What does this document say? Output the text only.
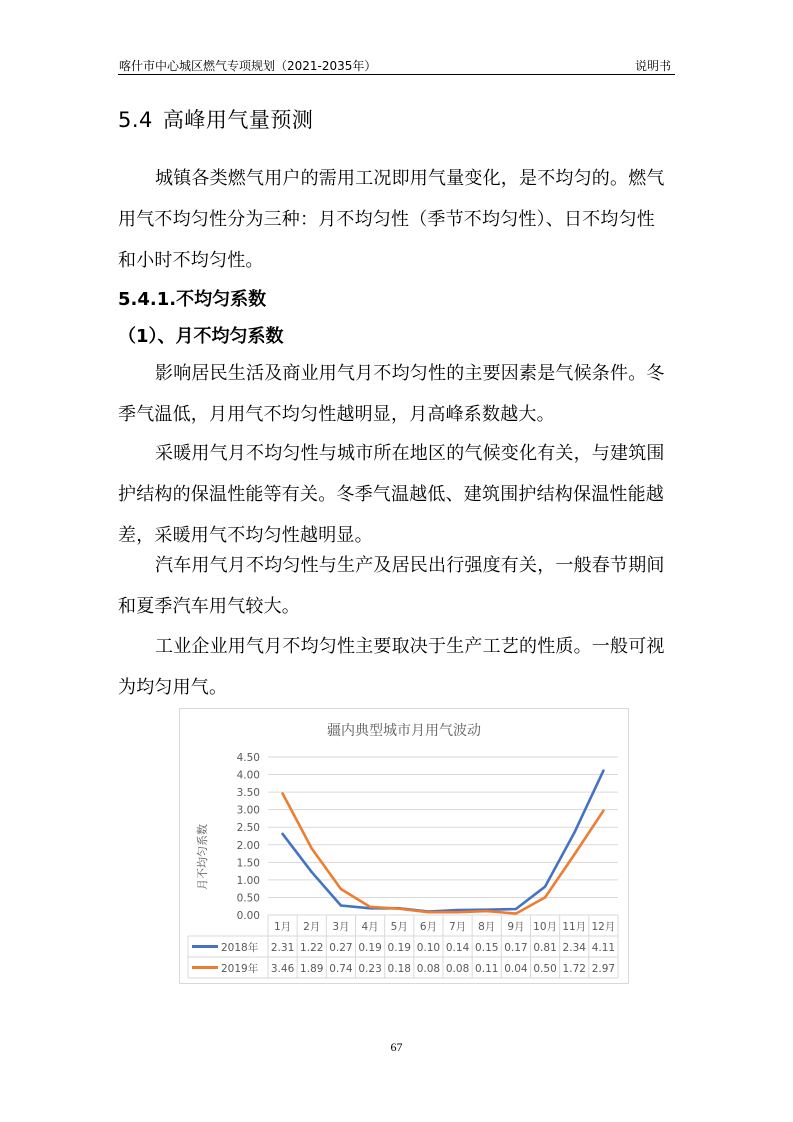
喀什市中心城区燃气专项规划（2021-2035年）	说明书
5.4 高峰用气量预测
城镇各类燃气用户的需用工况即用气量变化，是不均匀的。燃气
用气不均匀性分为三种：月不均匀性（季节不均匀性）、日不均匀性
和小时不均匀性。
5.4.1.不均匀系数
（1）、月不均匀系数
影响居民生活及商业用气月不均匀性的主要因素是气候条件。冬
季气温低，月用气不均匀性越明显，月高峰系数越大。
采暖用气月不均匀性与城市所在地区的气候变化有关，与建筑围
护结构的保温性能等有关。冬季气温越低、建筑围护结构保温性能越
差，采暖用气不均匀性越明显。
汽车用气月不均匀性与生产及居民出行强度有关，一般春节期间
和夏季汽车用气较大。
工业企业用气月不均匀性主要取决于生产工艺的性质。一般可视
为均匀用气。
疆内典型城市月用气波动
月不均匀系数
0.00
0.50
1.00
1.50
2.00
2.50
3.00
3.50
4.00
4.50
1月 2月 3月 4月 5月 6月 7月 8月 9月 10月 11月 12月
2018年 2.31 1.22 0.27 0.19 0.19 0.10 0.14 0.15 0.17 0.81 2.34 4.11
2019年 3.46 1.89 0.74 0.23 0.18 0.08 0.08 0.11 0.04 0.50 1.72 2.97
67
